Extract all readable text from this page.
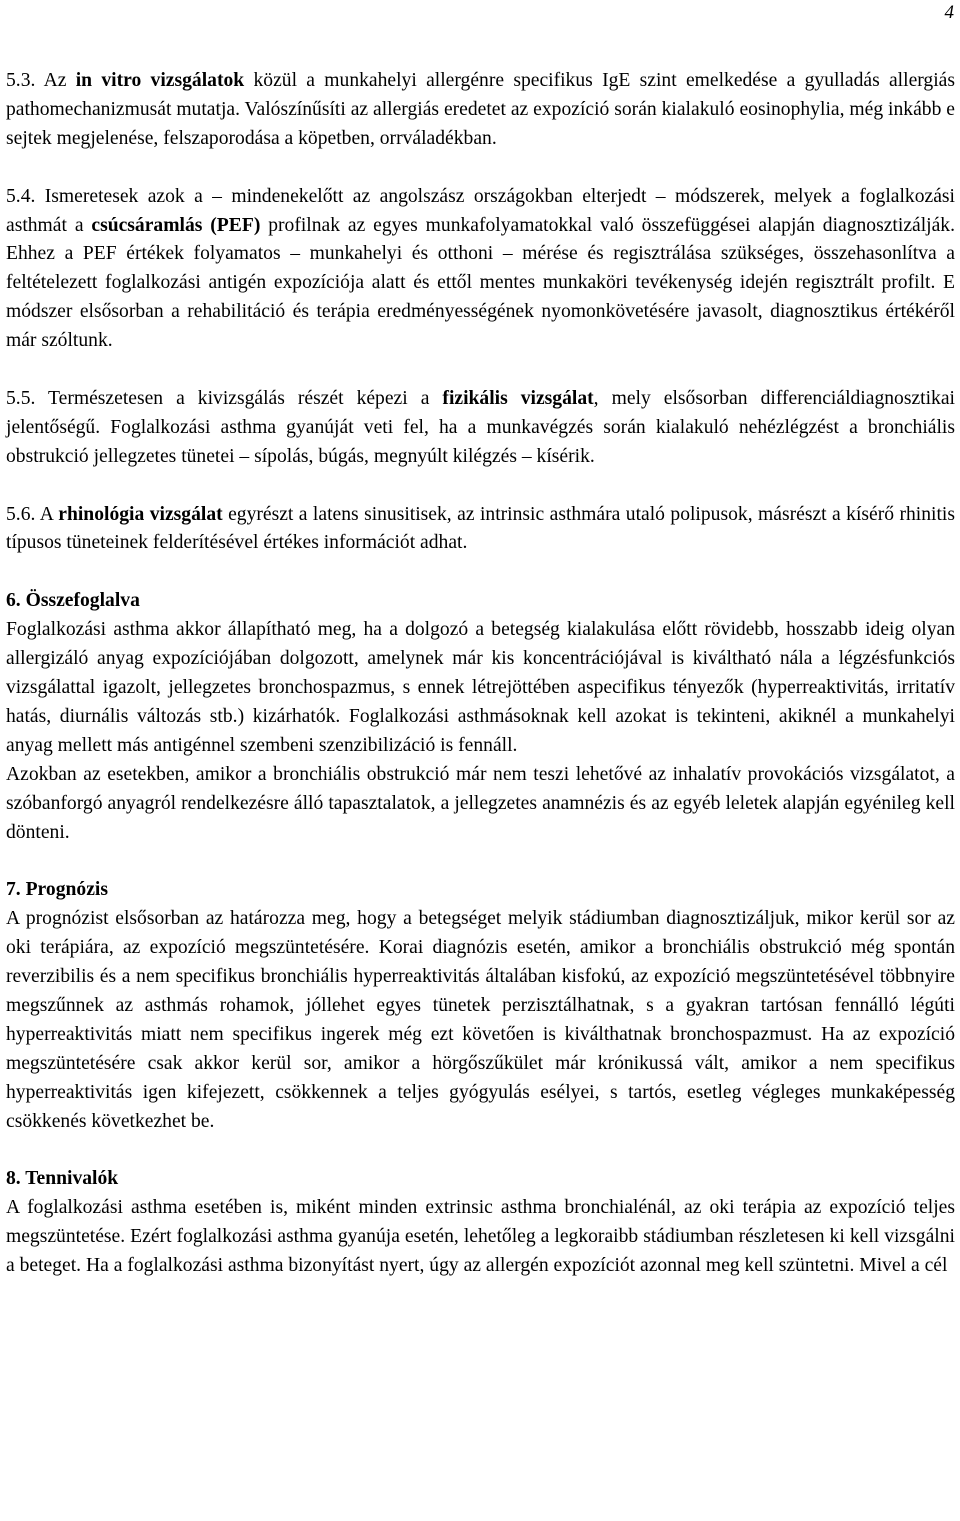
4

5.3. Az in vitro vizsgálatok közül a munkahelyi allergénre specifikus IgE szint emelkedése a gyulladás allergiás pathomechanizmusát mutatja. Valószínűsíti az allergiás eredetet az expozíció során kialakuló eosinophylia, még inkább e sejtek megjelenése, felszaporodása a köpetben, orrváladékban.

5.4. Ismeretesek azok a – mindenekelőtt az angolszász országokban elterjedt – módszerek, melyek a foglalkozási asthmát a csúcsáramlás (PEF) profilnak az egyes munkafolyamatokkal való összefüggései alapján diagnosztizálják. Ehhez a PEF értékek folyamatos – munkahelyi és otthoni – mérése és regisztrálása szükséges, összehasonlítva a feltételezett foglalkozási antigén expozíciója alatt és ettől mentes munkaköri tevékenység idején regisztrált profilt. E módszer elsősorban a rehabilitáció és terápia eredményességének nyomonkövetésére javasolt, diagnosztikus értékéről már szóltunk.

5.5. Természetesen a kivizsgálás részét képezi a fizikális vizsgálat, mely elsősorban differenciáldiagnosztikai jelentőségű. Foglalkozási asthma gyanúját veti fel, ha a munkavégzés során kialakuló nehézlégzést a bronchiális obstrukció jellegzetes tünetei – sípolás, búgás, megnyúlt kilégzés – kísérik.

5.6. A rhinológia vizsgálat egyrészt a latens sinusitisek, az intrinsic asthmára utaló polipusok, másrészt a kísérő rhinitis típusos tüneteinek felderítésével értékes információt adhat.

6. Összefoglalva

Foglalkozási asthma akkor állapítható meg, ha a dolgozó a betegség kialakulása előtt rövidebb, hosszabb ideig olyan allergizáló anyag expozíciójában dolgozott, amelynek már kis koncentrációjával is kiváltható nála a légzésfunkciós vizsgálattal igazolt, jellegzetes bronchospazmus, s ennek létrejöttében aspecifikus tényezők (hyperreaktivitás, irritatív hatás, diurnális változás stb.) kizárhatók. Foglalkozási asthmásoknak kell azokat is tekinteni, akiknél a munkahelyi anyag mellett más antigénnel szembeni szenzibilizáció is fennáll.

Azokban az esetekben, amikor a bronchiális obstrukció már nem teszi lehetővé az inhalatív provokációs vizsgálatot, a szóbanforgó anyagról rendelkezésre álló tapasztalatok, a jellegzetes anamnézis és az egyéb leletek alapján egyénileg kell dönteni.

7. Prognózis

A prognózist elsősorban az határozza meg, hogy a betegséget melyik stádiumban diagnosztizáljuk, mikor kerül sor az oki terápiára, az expozíció megszüntetésére. Korai diagnózis esetén, amikor a bronchiális obstrukció még spontán reverzibilis és a nem specifikus bronchiális hyperreaktivitás általában kisfokú, az expozíció megszüntetésével többnyire megszűnnek az asthmás rohamok, jóllehet egyes tünetek perzisztálhatnak, s a gyakran tartósan fennálló légúti hyperreaktivitás miatt nem specifikus ingerek még ezt követően is kiválthatnak bronchospazmust. Ha az expozíció megszüntetésére csak akkor kerül sor, amikor a hörgőszűkület már krónikussá vált, amikor a nem specifikus hyperreaktivitás igen kifejezett, csökkennek a teljes gyógyulás esélyei, s tartós, esetleg végleges munkaképesség csökkenés következhet be.

8. Tennivalók

A foglalkozási asthma esetében is, miként minden extrinsic asthma bronchialénál, az oki terápia az expozíció teljes megszüntetése. Ezért foglalkozási asthma gyanúja esetén, lehetőleg a legkoraibb stádiumban részletesen ki kell vizsgálni a beteget. Ha a foglalkozási asthma bizonyítást nyert, úgy az allergén expozíciót azonnal meg kell szüntetni. Mivel a cél
